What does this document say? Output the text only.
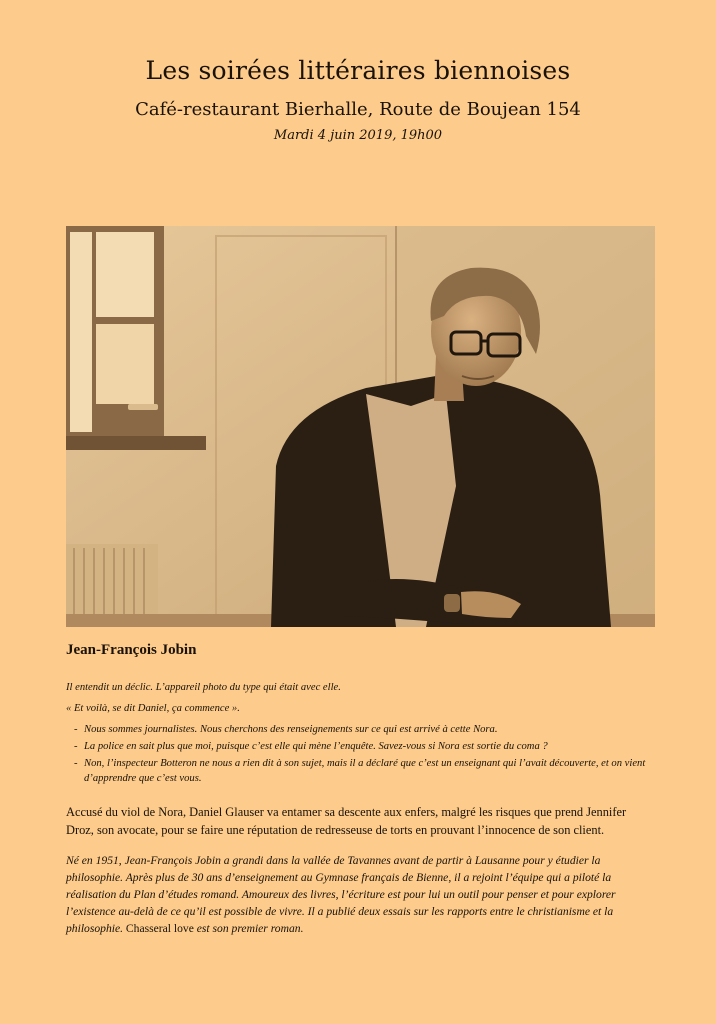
Les soirées littéraires biennoises
Café-restaurant Bierhalle, Route de Boujean 154
Mardi 4 juin 2019, 19h00
Jean-François Jobin

Il entendit un déclic. L’appareil photo du type qui était avec elle.

« Et voilà, se dit Daniel, ça commence ».

- Nous sommes journalistes. Nous cherchons des renseignements sur ce qui est arrivé à cette Nora.
- La police en sait plus que moi, puisque c’est elle qui mène l’enquête. Savez-vous si Nora est sortie du coma ?
- Non, l’inspecteur Botteron ne nous a rien dit à son sujet, mais il a déclaré que c’est un enseignant qui l’avait découverte, et on vient d’apprendre que c’est vous.
Accusé du viol de Nora, Daniel Glauser va entamer sa descente aux enfers, malgré les risques que prend Jennifer Droz, son avocate, pour se faire une réputation de redresseuse de torts en prouvant l’innocence de son client.
Né en 1951, Jean-François Jobin a grandi dans la vallée de Tavannes avant de partir à Lausanne pour y étudier la philosophie. Après plus de 30 ans d’enseignement au Gymnase français de Bienne, il a rejoint l’équipe qui a piloté la réalisation du Plan d’études romand. Amoureux des livres, l’écriture est pour lui un outil pour penser et pour explorer l’existence au-delà de ce qu’il est possible de vivre. Il a publié deux essais sur les rapports entre le christianisme et la philosophie. Chasseral love est son premier roman.
